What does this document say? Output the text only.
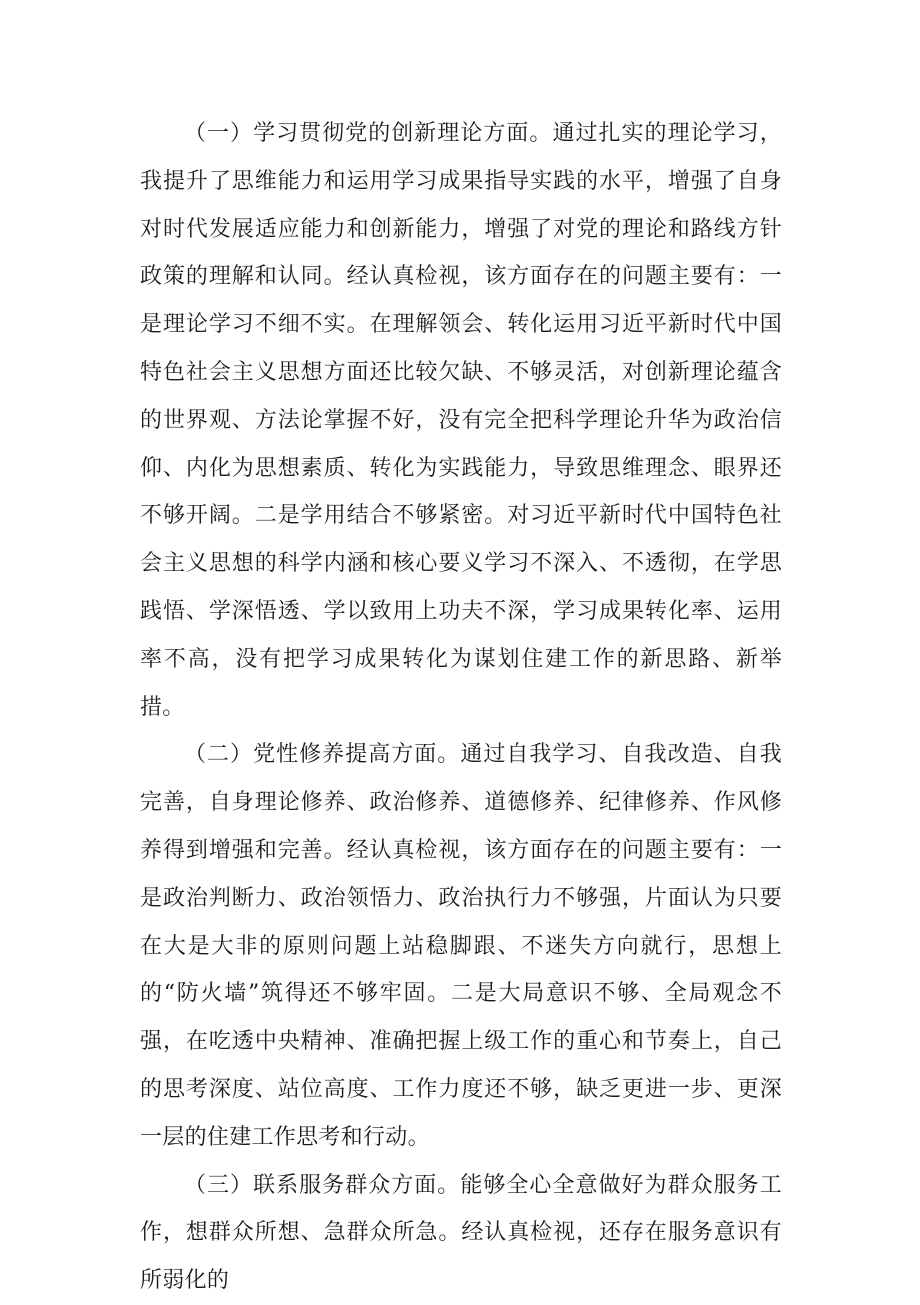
（一）学习贯彻党的创新理论方面。通过扎实的理论学习，我提升了思维能力和运用学习成果指导实践的水平，增强了自身对时代发展适应能力和创新能力，增强了对党的理论和路线方针政策的理解和认同。经认真检视，该方面存在的问题主要有：一是理论学习不细不实。在理解领会、转化运用习近平新时代中国特色社会主义思想方面还比较欠缺、不够灵活，对创新理论蕴含的世界观、方法论掌握不好，没有完全把科学理论升华为政治信仰、内化为思想素质、转化为实践能力，导致思维理念、眼界还不够开阔。二是学用结合不够紧密。对习近平新时代中国特色社会主义思想的科学内涵和核心要义学习不深入、不透彻，在学思践悟、学深悟透、学以致用上功夫不深，学习成果转化率、运用率不高，没有把学习成果转化为谋划住建工作的新思路、新举措。

（二）党性修养提高方面。通过自我学习、自我改造、自我完善，自身理论修养、政治修养、道德修养、纪律修养、作风修养得到增强和完善。经认真检视，该方面存在的问题主要有：一是政治判断力、政治领悟力、政治执行力不够强，片面认为只要在大是大非的原则问题上站稳脚跟、不迷失方向就行，思想上的“防火墙”筑得还不够牢固。二是大局意识不够、全局观念不强，在吃透中央精神、准确把握上级工作的重心和节奏上，自己的思考深度、站位高度、工作力度还不够，缺乏更进一步、更深一层的住建工作思考和行动。

（三）联系服务群众方面。能够全心全意做好为群众服务工作，想群众所想、急群众所急。经认真检视，还存在服务意识有所弱化的
